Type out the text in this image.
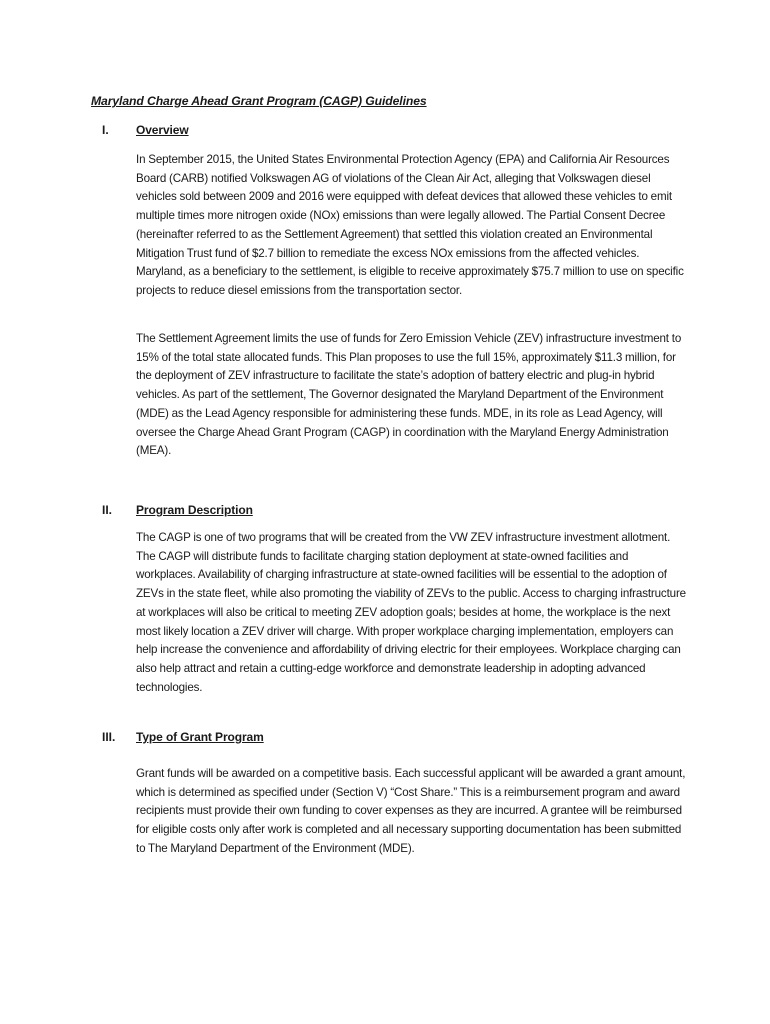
Maryland Charge Ahead Grant Program (CAGP) Guidelines
I. Overview

In September 2015, the United States Environmental Protection Agency (EPA) and California Air Resources Board (CARB) notified Volkswagen AG of violations of the Clean Air Act, alleging that Volkswagen diesel vehicles sold between 2009 and 2016 were equipped with defeat devices that allowed these vehicles to emit multiple times more nitrogen oxide (NOx) emissions than were legally allowed. The Partial Consent Decree (hereinafter referred to as the Settlement Agreement) that settled this violation created an Environmental Mitigation Trust fund of $2.7 billion to remediate the excess NOx emissions from the affected vehicles. Maryland, as a beneficiary to the settlement, is eligible to receive approximately $75.7 million to use on specific projects to reduce diesel emissions from the transportation sector.

The Settlement Agreement limits the use of funds for Zero Emission Vehicle (ZEV) infrastructure investment to 15% of the total state allocated funds. This Plan proposes to use the full 15%, approximately $11.3 million, for the deployment of ZEV infrastructure to facilitate the state’s adoption of battery electric and plug-in hybrid vehicles. As part of the settlement, The Governor designated the Maryland Department of the Environment (MDE) as the Lead Agency responsible for administering these funds. MDE, in its role as Lead Agency, will oversee the Charge Ahead Grant Program (CAGP) in coordination with the Maryland Energy Administration (MEA).

II. Program Description

The CAGP is one of two programs that will be created from the VW ZEV infrastructure investment allotment. The CAGP will distribute funds to facilitate charging station deployment at state-owned facilities and workplaces. Availability of charging infrastructure at state-owned facilities will be essential to the adoption of ZEVs in the state fleet, while also promoting the viability of ZEVs to the public. Access to charging infrastructure at workplaces will also be critical to meeting ZEV adoption goals; besides at home, the workplace is the next most likely location a ZEV driver will charge. With proper workplace charging implementation, employers can help increase the convenience and affordability of driving electric for their employees. Workplace charging can also help attract and retain a cutting-edge workforce and demonstrate leadership in adopting advanced technologies.

III. Type of Grant Program

Grant funds will be awarded on a competitive basis. Each successful applicant will be awarded a grant amount, which is determined as specified under (Section V) “Cost Share.” This is a reimbursement program and award recipients must provide their own funding to cover expenses as they are incurred. A grantee will be reimbursed for eligible costs only after work is completed and all necessary supporting documentation has been submitted to The Maryland Department of the Environment (MDE).
